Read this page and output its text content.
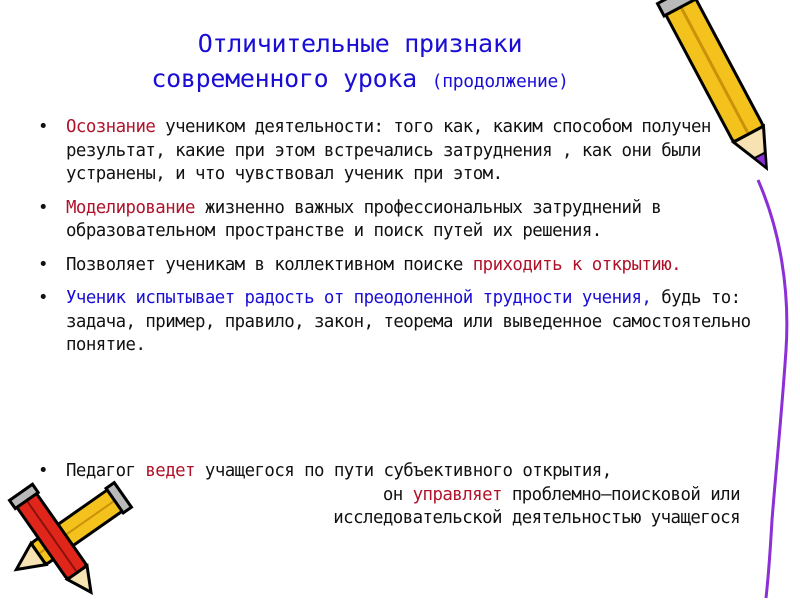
Отличительные признаки
современного урока (продолжение)
• Осознание учеником деятельности: того как, каким способом получен результат, какие при этом встречались затруднения , как они были устранены, и что чувствовал ученик при этом.
• Моделирование жизненно важных профессиональных затруднений в образовательном пространстве и поиск путей их решения.
• Позволяет ученикам в коллективном поиске приходить к открытию.
• Ученик испытывает радость от преодоленной трудности учения, будь то: задача, пример, правило, закон, теорема или выведенное самостоятельно понятие.
• Педагог ведет учащегося по пути субъективного открытия,
он управляет проблемно–поисковой или
исследовательской деятельностью учащегося
